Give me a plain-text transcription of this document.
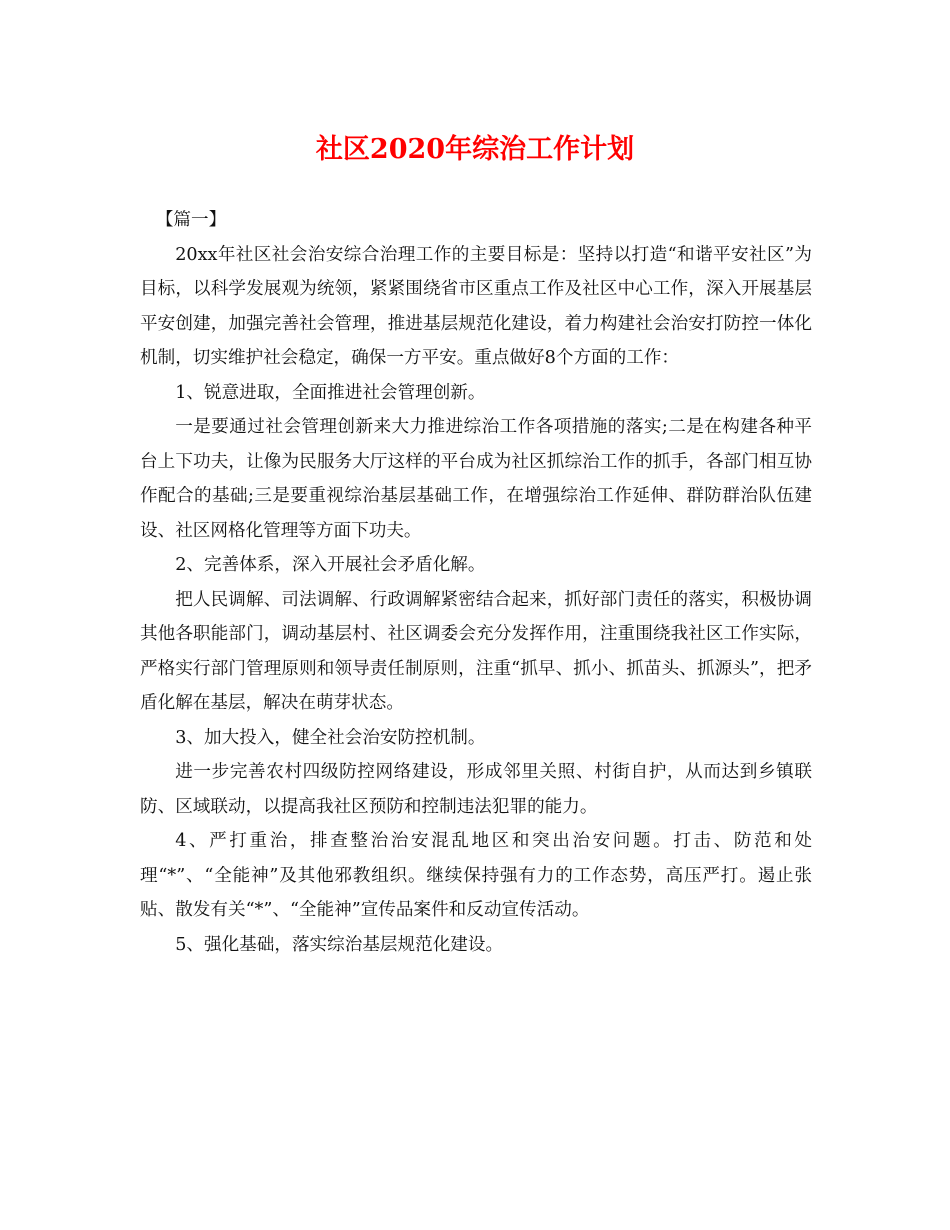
社区2020年综治工作计划

【篇一】

20xx年社区社会治安综合治理工作的主要目标是：坚持以打造“和谐平安社区”为目标，以科学发展观为统领，紧紧围绕省市区重点工作及社区中心工作，深入开展基层平安创建，加强完善社会管理，推进基层规范化建设，着力构建社会治安打防控一体化机制，切实维护社会稳定，确保一方平安。重点做好8个方面的工作：

1、锐意进取，全面推进社会管理创新。

一是要通过社会管理创新来大力推进综治工作各项措施的落实;二是在构建各种平台上下功夫，让像为民服务大厅这样的平台成为社区抓综治工作的抓手，各部门相互协作配合的基础;三是要重视综治基层基础工作，在增强综治工作延伸、群防群治队伍建设、社区网格化管理等方面下功夫。

2、完善体系，深入开展社会矛盾化解。

把人民调解、司法调解、行政调解紧密结合起来，抓好部门责任的落实，积极协调其他各职能部门，调动基层村、社区调委会充分发挥作用，注重围绕我社区工作实际，严格实行部门管理原则和领导责任制原则，注重“抓早、抓小、抓苗头、抓源头”，把矛盾化解在基层，解决在萌芽状态。

3、加大投入，健全社会治安防控机制。

进一步完善农村四级防控网络建设，形成邻里关照、村街自护，从而达到乡镇联防、区域联动，以提高我社区预防和控制违法犯罪的能力。

4、严打重治，排查整治治安混乱地区和突出治安问题。打击、防范和处理“*”、“全能神”及其他邪教组织。继续保持强有力的工作态势，高压严打。遏止张贴、散发有关“*”、“全能神”宣传品案件和反动宣传活动。

5、强化基础，落实综治基层规范化建设。
